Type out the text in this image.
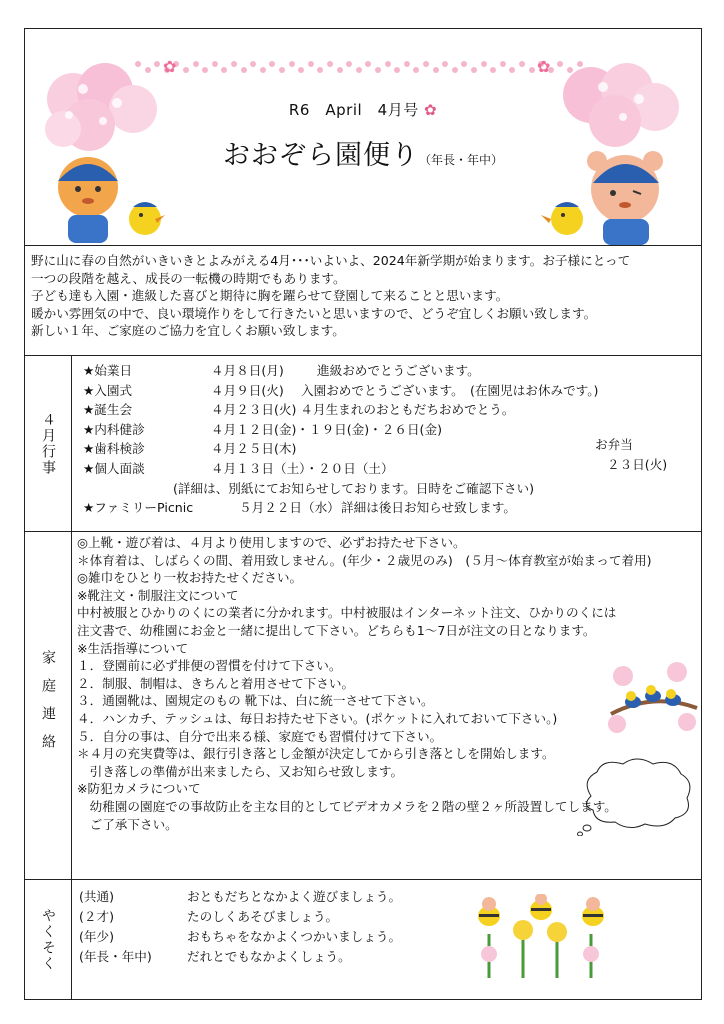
✿	✿
R6　April　4月号 ✿
おおぞら園便り（年長・年中）
野に山に春の自然がいきいきとよみがえる4月･･･いよいよ、2024年新学期が始まります。お子様にとって
一つの段階を越え、成長の一転機の時期でもあります。
子ども達も入園・進級した喜びと期待に胸を躍らせて登園して来ることと思います。
暖かい雰囲気の中で、良い環境作りをして行きたいと思いますので、どうぞ宜しくお願い致します。
新しい１年、ご家庭のご協力を宜しくお願い致します。
４月行事
★始業日	４月８日(月)	進級おめでとうございます。
★入園式	４月９日(火) 入園おめでとうございます。　(在園児はお休みです。)
★誕生会	４月２３日(火) ４月生まれのおともだちおめでとう。
★内科健診	４月１２日(金)・１９日(金)・２６日(金)
★歯科検診	４月２５日(木)
★個人面談	４月１３日（土）・２０日（土）
(詳細は、別紙にてお知らせしております。日時をご確認下さい)
★ファミリーPicnic	５月２２日（水） 詳細は後日お知らせ致します。
お弁当
２３日(火)
家庭連絡
◎上靴・遊び着は、４月より使用しますので、必ずお持たせ下さい。
＊体育着は、しばらくの間、着用致しません。(年少・２歳児のみ)　(５月～体育教室が始まって着用)
◎雑巾をひとり一枚お持たせください。
※靴注文・制服注文について
中村被服とひかりのくにの業者に分かれます。中村被服はインターネット注文、ひかりのくには
注文書で、幼稚園にお金と一緒に提出して下さい。どちらも1～7日が注文の日となります。
※生活指導について
１．登園前に必ず排便の習慣を付けて下さい。
２．制服、制帽は、きちんと着用させて下さい。
３．通園靴は、園規定のもの 靴下は、白に統一させて下さい。
４．ハンカチ、テッシュは、毎日お持たせ下さい。(ポケットに入れておいて下さい。)
５．自分の事は、自分で出来る様、家庭でも習慣付けて下さい。
＊４月の充実費等は、銀行引き落とし金額が決定してから引き落としを開始します。
　引き落しの準備が出来ましたら、又お知らせ致します。
※防犯カメラについて
　幼稚園の園庭での事故防止を主な目的としてビデオカメラを２階の壁２ヶ所設置してします。
　ご了承下さい。
やくそく
(共通)	おともだちとなかよく遊びましょう。
(２才)	たのしくあそびましょう。
(年少)	おもちゃをなかよくつかいましょう。
(年長・年中)	だれとでもなかよくしょう。
